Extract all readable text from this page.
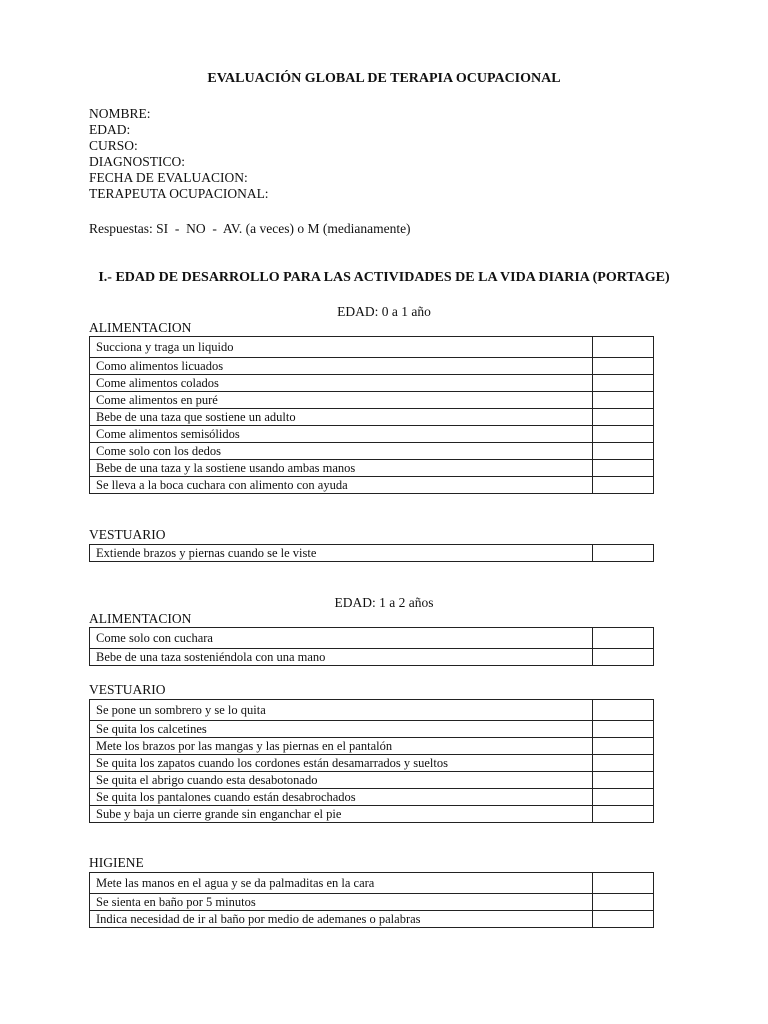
EVALUACIÓN GLOBAL DE TERAPIA OCUPACIONAL
NOMBRE:
EDAD:
CURSO:
DIAGNOSTICO:
FECHA DE EVALUACION:
TERAPEUTA OCUPACIONAL:
Respuestas: SI  -  NO  -  AV. (a veces) o M (medianamente)
I.- EDAD DE DESARROLLO PARA LAS ACTIVIDADES DE LA VIDA DIARIA (PORTAGE)
EDAD: 0 a 1 año
ALIMENTACION
Succiona y traga un liquido	
Como alimentos licuados	
Come alimentos colados	
Come alimentos en puré	
Bebe de una taza que sostiene un adulto	
Come alimentos semisólidos	
Come solo con los dedos	
Bebe de una taza y la sostiene usando ambas manos	
Se lleva a la boca cuchara con alimento con ayuda	
VESTUARIO
Extiende brazos y piernas cuando se le viste	
EDAD: 1 a 2 años
ALIMENTACION
Come solo con cuchara	
Bebe de una taza sosteniéndola con una mano	
VESTUARIO
Se pone un sombrero y se lo quita	
Se quita los calcetines	
Mete los brazos por las mangas y las piernas en el pantalón	
Se quita los zapatos cuando los cordones están desamarrados y sueltos	
Se quita el abrigo cuando esta desabotonado	
Se quita los pantalones cuando están desabrochados	
Sube y baja un cierre grande sin enganchar el pie	
HIGIENE
Mete las manos en el agua y se da palmaditas en la cara	
Se sienta en baño por 5 minutos	
Indica necesidad de ir al baño por medio de ademanes o palabras	
